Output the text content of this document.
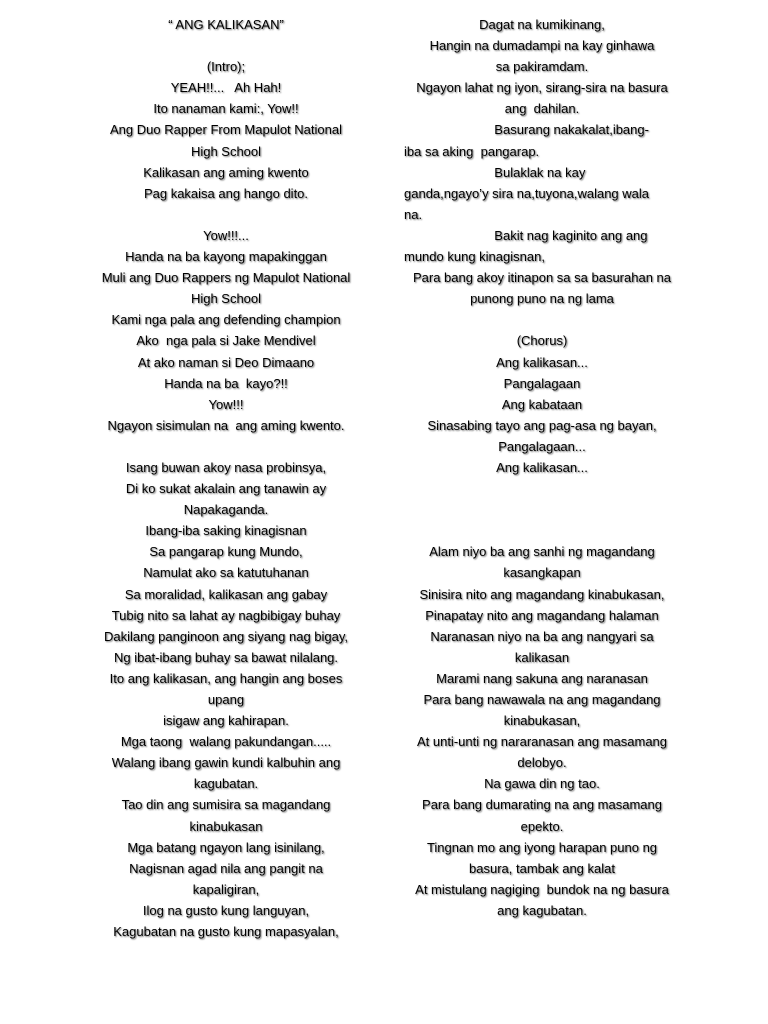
“ ANG KALIKASAN”
(Intro);
YEAH!!...   Ah Hah!
Ito nanaman kami:, Yow!!
Ang Duo Rapper From Mapulot National
High School
Kalikasan ang aming kwento
Pag kakaisa ang hango dito.
Yow!!!...
Handa na ba kayong mapakinggan
Muli ang Duo Rappers ng Mapulot National
High School
Kami nga pala ang defending champion
Ako  nga pala si Jake Mendivel
At ako naman si Deo Dimaano
Handa na ba  kayo?!!
Yow!!!
Ngayon sisimulan na  ang aming kwento.
Isang buwan akoy nasa probinsya,
Di ko sukat akalain ang tanawin ay
Napakaganda.
Ibang-iba saking kinagisnan
Sa pangarap kung Mundo,
Namulat ako sa katutuhanan
Sa moralidad, kalikasan ang gabay
Tubig nito sa lahat ay nagbibigay buhay
Dakilang panginoon ang siyang nag bigay,
Ng ibat-ibang buhay sa bawat nilalang.
Ito ang kalikasan, ang hangin ang boses
upang
isigaw ang kahirapan.
Mga taong  walang pakundangan.....
Walang ibang gawin kundi kalbuhin ang
kagubatan.
Tao din ang sumisira sa magandang
kinabukasan
Mga batang ngayon lang isinilang,
Nagisnan agad nila ang pangit na
kapaligiran,
Ilog na gusto kung languyan,
Kagubatan na gusto kung mapasyalan,
Dagat na kumikinang,
Hangin na dumadampi na kay ginhawa
sa pakiramdam.
Ngayon lahat ng iyon, sirang-sira na basura
ang  dahilan.
Basurang nakakalat,ibang-
iba sa aking  pangarap.
Bulaklak na kay
ganda,ngayo’y sira na,tuyona,walang wala
na.
Bakit nag kaginito ang ang
mundo kung kinagisnan,
Para bang akoy itinapon sa sa basurahan na
punong puno na ng lama
(Chorus)
Ang kalikasan...
Pangalagaan
Ang kabataan
Sinasabing tayo ang pag-asa ng bayan,
Pangalagaan...
Ang kalikasan...
Alam niyo ba ang sanhi ng magandang
kasangkapan
Sinisira nito ang magandang kinabukasan,
Pinapatay nito ang magandang halaman
Naranasan niyo na ba ang nangyari sa
kalikasan
Marami nang sakuna ang naranasan
Para bang nawawala na ang magandang
kinabukasan,
At unti-unti ng nararanasan ang masamang
delobyo.
Na gawa din ng tao.
Para bang dumarating na ang masamang
epekto.
Tingnan mo ang iyong harapan puno ng
basura, tambak ang kalat
At mistulang nagiging  bundok na ng basura
ang kagubatan.
